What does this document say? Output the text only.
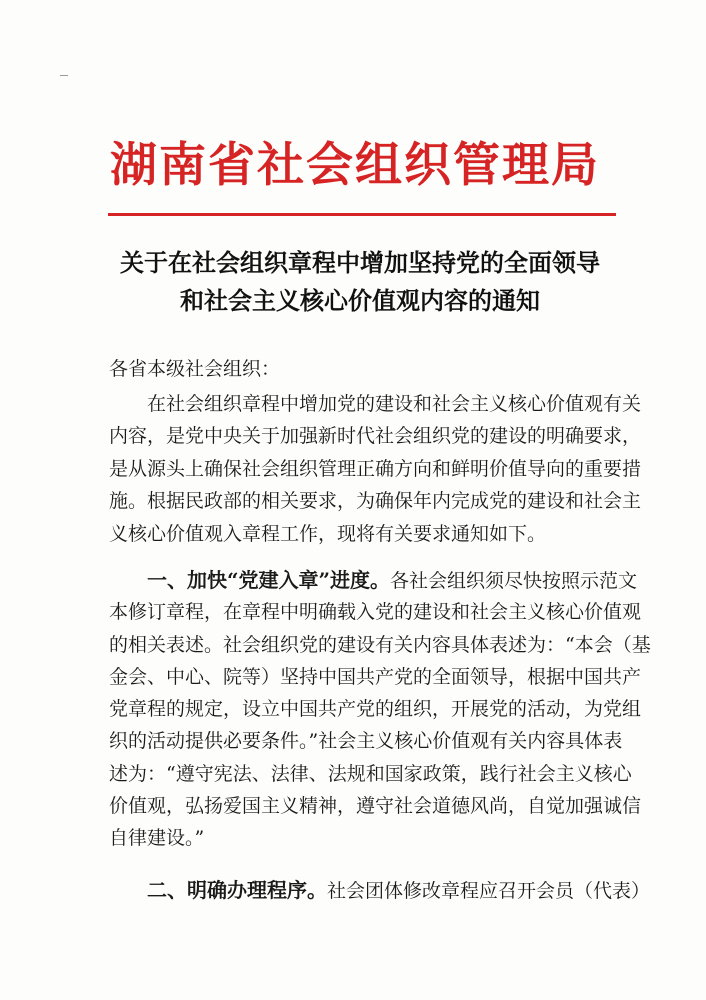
湖南省社会组织管理局
关于在社会组织章程中增加坚持党的全面领导
和社会主义核心价值观内容的通知
各省本级社会组织：
在社会组织章程中增加党的建设和社会主义核心价值观有关
内容，是党中央关于加强新时代社会组织党的建设的明确要求，
是从源头上确保社会组织管理正确方向和鲜明价值导向的重要措
施。根据民政部的相关要求，为确保年内完成党的建设和社会主
义核心价值观入章程工作，现将有关要求通知如下。
一、加快“党建入章”进度。各社会组织须尽快按照示范文
本修订章程，在章程中明确载入党的建设和社会主义核心价值观
的相关表述。社会组织党的建设有关内容具体表述为：“本会（基
金会、中心、院等）坚持中国共产党的全面领导，根据中国共产
党章程的规定，设立中国共产党的组织，开展党的活动，为党组
织的活动提供必要条件。”社会主义核心价值观有关内容具体表
述为：“遵守宪法、法律、法规和国家政策，践行社会主义核心
价值观，弘扬爱国主义精神，遵守社会道德风尚，自觉加强诚信
自律建设。”
二、明确办理程序。社会团体修改章程应召开会员（代表）
